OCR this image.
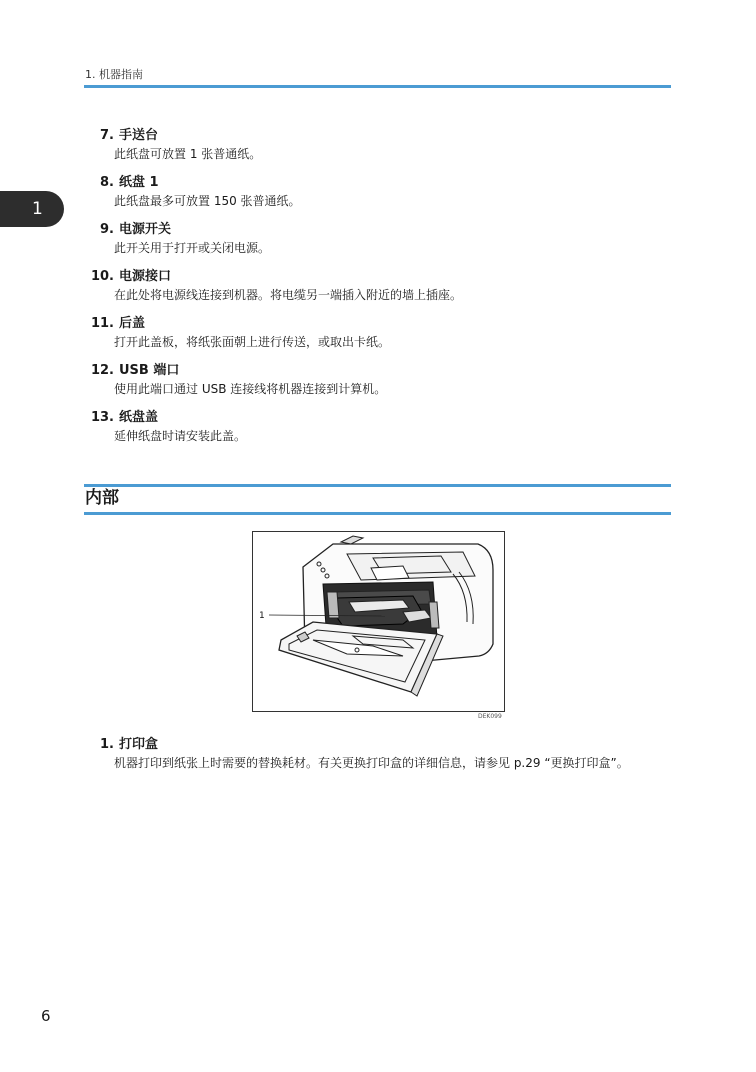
1. 机器指南
1
7. 手送台
此纸盘可放置 1 张普通纸。
8. 纸盘 1
此纸盘最多可放置 150 张普通纸。
9. 电源开关
此开关用于打开或关闭电源。
10. 电源接口
在此处将电源线连接到机器。将电缆另一端插入附近的墙上插座。
11. 后盖
打开此盖板，将纸张面朝上进行传送，或取出卡纸。
12. USB 端口
使用此端口通过 USB 连接线将机器连接到计算机。
13. 纸盘盖
延伸纸盘时请安装此盖。
内部
1
DEK099
1. 打印盒
机器打印到纸张上时需要的替换耗材。有关更换打印盒的详细信息，请参见 p.29 “更换打印盒”。
6
